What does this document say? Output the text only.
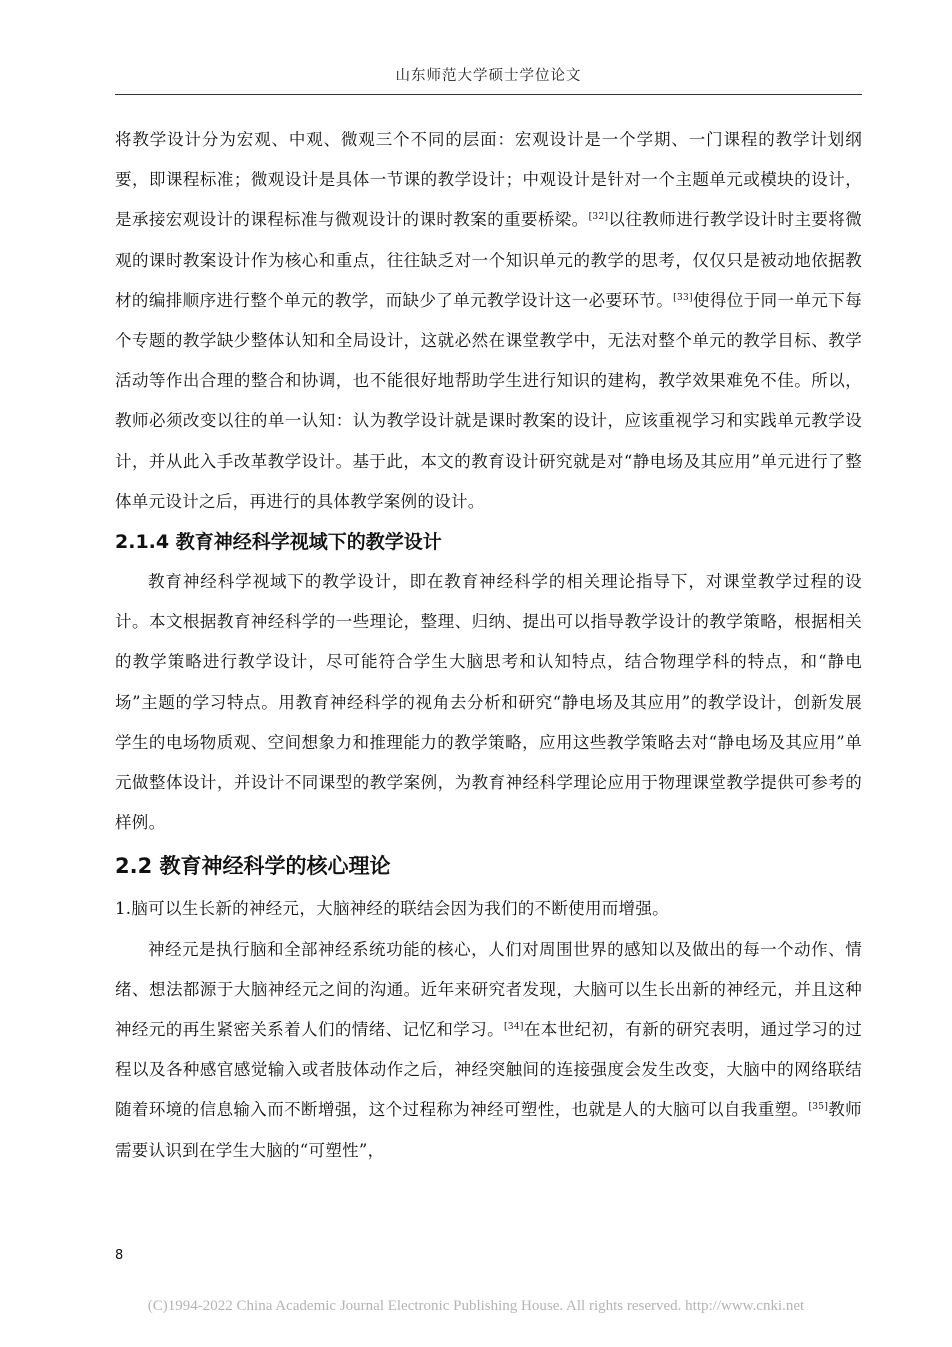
山东师范大学硕士学位论文

将教学设计分为宏观、中观、微观三个不同的层面：宏观设计是一个学期、一门课程的教学计划纲要，即课程标准；微观设计是具体一节课的教学设计；中观设计是针对一个主题单元或模块的设计，是承接宏观设计的课程标准与微观设计的课时教案的重要桥梁。[32]以往教师进行教学设计时主要将微观的课时教案设计作为核心和重点，往往缺乏对一个知识单元的教学的思考，仅仅只是被动地依据教材的编排顺序进行整个单元的教学，而缺少了单元教学设计这一必要环节。[33]使得位于同一单元下每个专题的教学缺少整体认知和全局设计，这就必然在课堂教学中，无法对整个单元的教学目标、教学活动等作出合理的整合和协调，也不能很好地帮助学生进行知识的建构，教学效果难免不佳。所以，教师必须改变以往的单一认知：认为教学设计就是课时教案的设计，应该重视学习和实践单元教学设计，并从此入手改革教学设计。基于此，本文的教育设计研究就是对“静电场及其应用”单元进行了整体单元设计之后，再进行的具体教学案例的设计。

2.1.4 教育神经科学视域下的教学设计

教育神经科学视域下的教学设计，即在教育神经科学的相关理论指导下，对课堂教学过程的设计。本文根据教育神经科学的一些理论，整理、归纳、提出可以指导教学设计的教学策略，根据相关的教学策略进行教学设计，尽可能符合学生大脑思考和认知特点，结合物理学科的特点，和“静电场”主题的学习特点。用教育神经科学的视角去分析和研究“静电场及其应用”的教学设计，创新发展学生的电场物质观、空间想象力和推理能力的教学策略，应用这些教学策略去对“静电场及其应用”单元做整体设计，并设计不同课型的教学案例，为教育神经科学理论应用于物理课堂教学提供可参考的样例。

2.2 教育神经科学的核心理论

1.脑可以生长新的神经元，大脑神经的联结会因为我们的不断使用而增强。

神经元是执行脑和全部神经系统功能的核心，人们对周围世界的感知以及做出的每一个动作、情绪、想法都源于大脑神经元之间的沟通。近年来研究者发现，大脑可以生长出新的神经元，并且这种神经元的再生紧密关系着人们的情绪、记忆和学习。[34]在本世纪初，有新的研究表明，通过学习的过程以及各种感官感觉输入或者肢体动作之后，神经突触间的连接强度会发生改变，大脑中的网络联结随着环境的信息输入而不断增强，这个过程称为神经可塑性，也就是人的大脑可以自我重塑。[35]教师需要认识到在学生大脑的“可塑性”，

8
(C)1994-2022 China Academic Journal Electronic Publishing House. All rights reserved. http://www.cnki.net
